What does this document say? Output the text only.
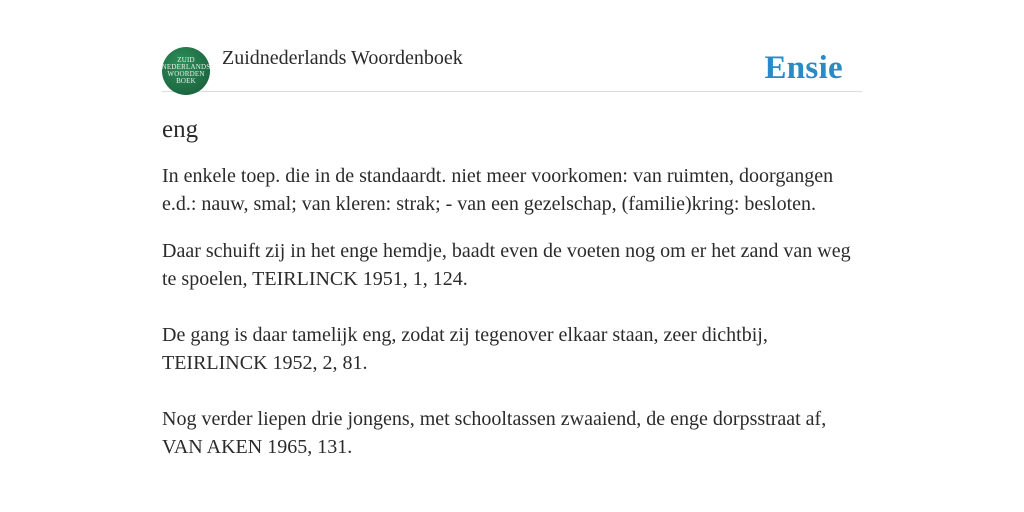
ZUID
NEDERLANDS
WOORDEN
BOEK
Zuidnederlands Woordenboek	Ensie
eng
In enkele toep. die in de standaardt. niet meer voorkomen: van ruimten, doorgangen e.d.: nauw, smal; van kleren: strak; - van een gezelschap, (familie)kring: besloten.
Daar schuift zij in het enge hemdje, baadt even de voeten nog om er het zand van weg te spoelen, TEIRLINCK 1951, 1, 124.
De gang is daar tamelijk eng, zodat zij tegenover elkaar staan, zeer dichtbij, TEIRLINCK 1952, 2, 81.
Nog verder liepen drie jongens, met schooltassen zwaaiend, de enge dorpsstraat af, VAN AKEN 1965, 131.
